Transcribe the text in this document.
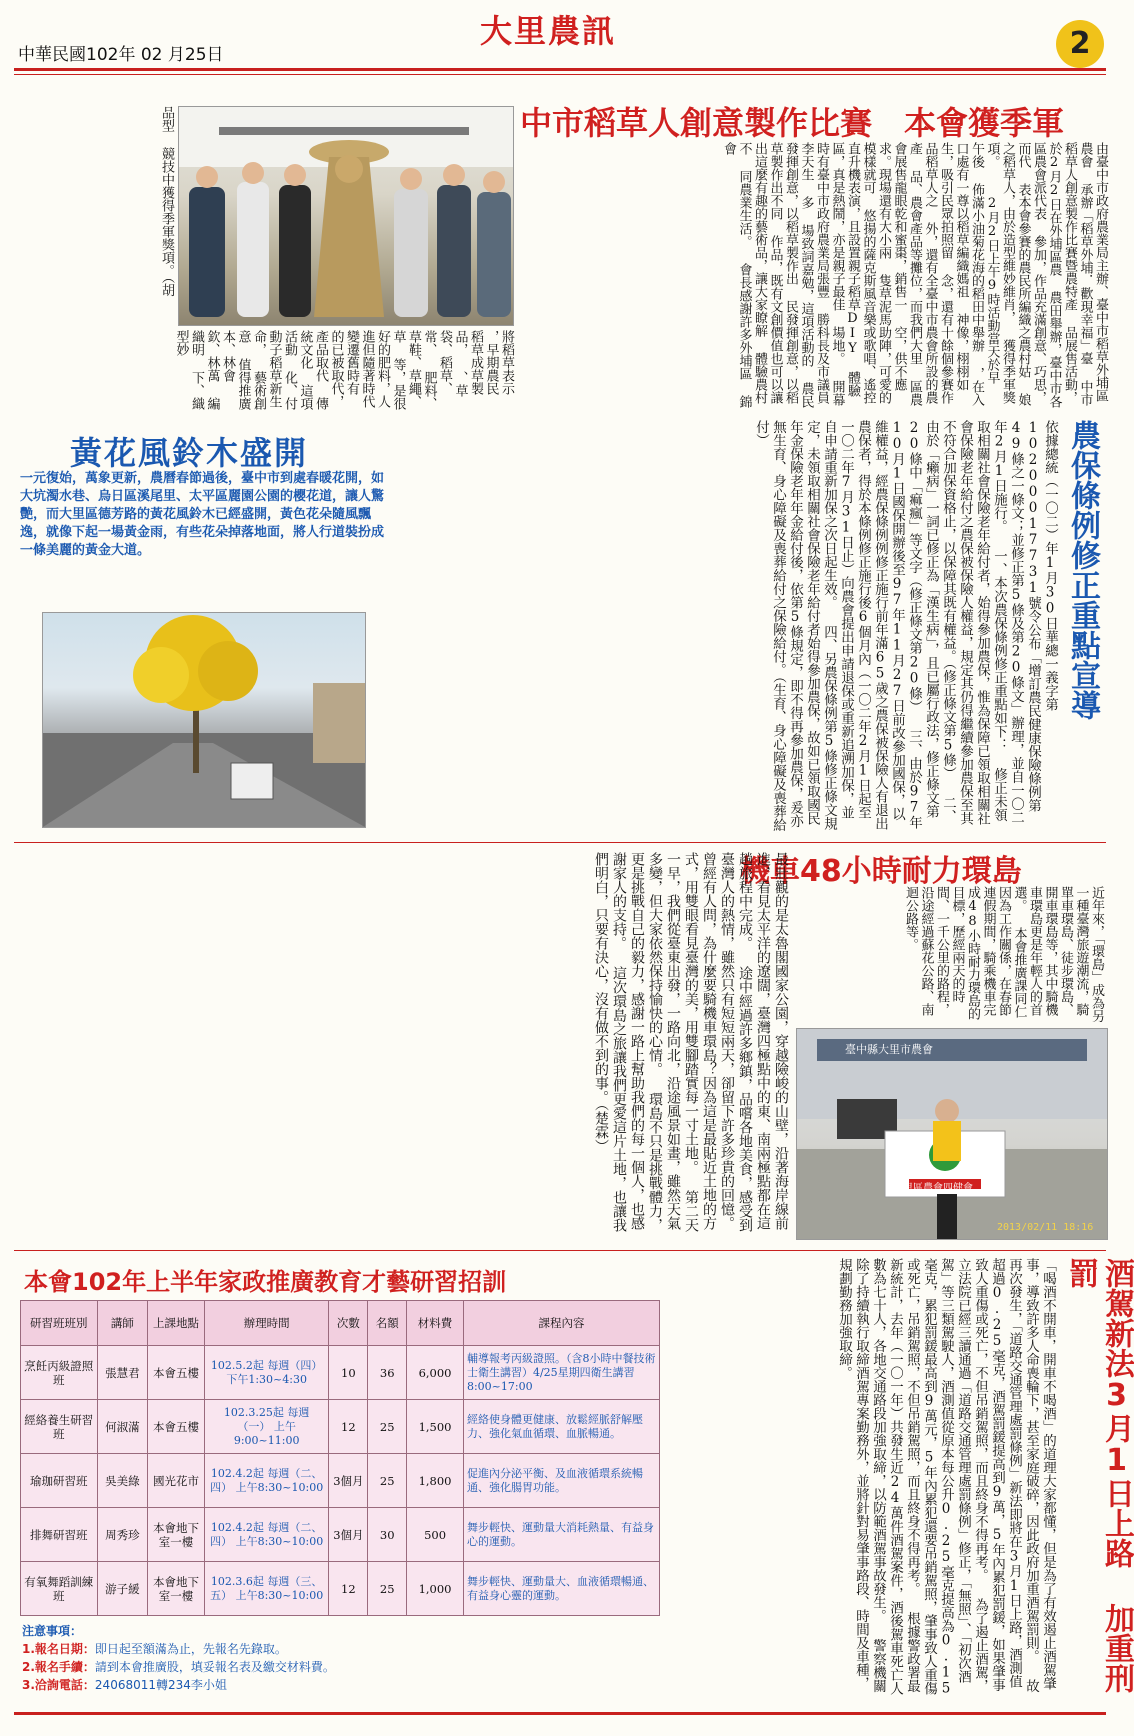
中華民國102年 02 月25日
大里農訊	2
中市稻草人創意製作比賽　本會獲季軍
由臺中市政府農業局主辦、臺中市稻草外埔區農會 承辦「稻草外埔．歡現幸福」臺 中市稻草人創意製作比賽暨農特產 品展售活動，於2月2日在外埔區農 農田舉辦，臺中市各區農會派代表 參加，作品充滿創意、巧思，而代 表本會參賽的農民所編織之農村姑 娘之稻草人，由於造型維妙維肖， 獲得季軍獎項。 　2月2日上午9時活動當天於早 午後 佈滿小油菊花海的稻田中舉辦 ，在入口處有一尊以稻草編織媽祖 神像，栩栩如生，吸引民眾拍照留 念，還有十餘個參賽作品稻草人之 外，還有全臺中市農會所設的農產 品、農會產品等攤位，而我們大里 區農會展售龍眼乾和蜜棗，銷售一 空，供不應求。現場還有大小兩 隻草泥馬助陣，可愛的模樣就可 悠揚的薩克斯風音樂或歌唱、遙控 直升機表演，且設置親子稻草DIY 體驗區，真是熱鬧，亦是親子最佳 場地。 開幕時有臺中市政府農業局張豐 勝科長及市議員李天生 多 場致詞嘉勉，這項活動的 農民發揮創意，以稻草製作出 民發揮創意，以稻草製作出不同 作品，既有文創價值也可以讓 出這麼有趣的藝術品，讓大家瞭解 體驗農村不 同農業生活。 會長感謝許多外埔區 錦會
將稻草表示 ，早期農民 稻草成草製品， 、草袋、稻草、常、 肥料、草鞋、草繩、草 等，是很好的肥料，人 進但隨著時代變遷舊時有 的已被取代， 產品取代 傳統文化 這項活動 化、付 動子稻草新生命， 藝術創意 值得推廣 本、林會 欽、林萬 編織明 下、織 型妙
品型 競技中獲得季軍獎項。（胡
黃花風鈴木盛開
一元復始，萬象更新，農曆春節過後，臺中市到處春暖花開，如大坑濁水巷、烏日區溪尾里、太平區麗園公園的櫻花道，讓人驚艷，而大里區德芳路的黃花風鈴木已經盛開，黃色花朵隨風飄逸，就像下起一場黃金雨，有些花朵掉落地面，將人行道裝扮成一條美麗的黃金大道。	農保條例修正重點宣導
依據總統（一〇二）年1月30日華總一義字第10200017731號令公布「增訂農民健康保險條例第49條之一條文；並修正第5條及第20條文」辦理，並自一〇二年2月1日施行。 一、本次農保條例修正重點如下： 修正未領取相關社會保險老年給付者，始得參加農保，惟為保障已領取相關社會保險老年給付之農保被保險人權益，規定其仍得繼續參加農保至其不符合加保資格止，以保障其既有權益。（修正條文第5條） 二、由於「癩病」一詞已修正為「漢生病」，且已屬行政法，修正條文第20條中「痲瘋」等文字（修正條文第20條） 三、由於97年10月1日國保開辦後至97年11月27日前改參加國保，以維權益，經農保條例例修正施行前年滿65歲之農保被保險人有退出農保者，得於本條例修正施行後6個月內（一〇二年2月1日起至一〇二年7月31日止）向農會提出申請退保或重新追溯加保，並自申請重新加保之次日起生效。 四、另農保條例第5條修正條文規定，未領取相關社會保險老年給付者始得參加農保，故如已領取國民年金保險老年年金給付後，依第5條規定，即不得再參加農保，爰亦無生育、身心障礙及喪葬給付之保險給付。（生育、身心障礙及喪葬給付）
機車48小時耐力環島
近年來，「環島」成為另一種臺灣旅遊潮流，騎單車環島、徒步環島、開車環島等，其中騎機車環島更是年輕人的首選。 本會推廣課同仁因為工作關係，在春節連假期間，騎乘機車完成48小時耐力環島的目標，歷經兩天的時間、一千公里的路程，沿途經過蘇花公路、南迴公路等。
臺中縣大里市農會
大里區農會四健會
2013/02/11 18:16
最壯觀的是太魯閣國家公園，穿越險峻的山壁，沿著海岸線前進，看見太平洋的遼闊，臺灣四極點中的東、南兩極點都在這趟旅程中完成。 途中經過許多鄉鎮，品嚐各地美食，感受到臺灣人的熱情，雖然只有短短兩天，卻留下許多珍貴的回憶。 曾經有人問，為什麼要騎機車環島？因為這是最貼近土地的方式，用雙眼看見臺灣的美，用雙腳踏實每一寸土地。 第二天一早，我們從臺東出發，一路向北，沿途風景如畫，雖然天氣多變，但大家依然保持愉快的心情。 環島不只是挑戰體力，更是挑戰自己的毅力，感謝一路上幫助我們的每一個人，也感謝家人的支持。 這次環島之旅讓我們更愛這片土地，也讓我們明白，只要有決心，沒有做不到的事。（楚霖）
本會102年上半年家政推廣教育才藝研習招訓
研習班班別	講師	上課地點	辦理時間	次數	名額	材料費	課程內容
烹飪丙級證照班	張慧君	本會五樓	102.5.2起 每週（四） 下午1:30~4:30	10	36	6,000	輔導報考丙級證照。（含8小時中餐技術士衛生講習）4/25星期四衛生講習 8:00~17:00
經絡養生研習班	何淑滿	本會五樓	102.3.25起 每週（一） 上午9:00~11:00	12	25	1,500	經絡使身體更健康、放鬆經脈舒解壓力、強化氣血循環、血脈暢通。
瑜珈研習班	吳美綠	國光花市	102.4.2起 每週（二、四） 上午8:30~10:00	3個月	25	1,800	促進內分泌平衡、及血液循環系統暢通、強化腸胃功能。
排舞研習班	周秀珍	本會地下室一樓	102.4.2起 每週（二、四） 上午8:30~10:00	3個月	30	500	舞步輕快、運動量大消耗熱量、有益身心的運動。
有氧舞蹈訓練班	游子緩	本會地下室一樓	102.3.6起 每週（三、五） 上午8:30~10:00	12	25	1,000	舞步輕快、運動量大、血液循環暢通、有益身心靈的運動。
注意事項：
1.報名日期：即日起至額滿為止，先報名先錄取。
2.報名手續：請到本會推廣股，填妥報名表及繳交材料費。
3.洽詢電話：24068011轉234李小姐	酒駕新法3月1日上路 加重刑罰
「喝酒不開車，開車不喝酒」的道理大家都懂，但是為了有效遏止酒駕肇事，導致許多人命喪輪下，甚至家庭破碎，因此政府加重酒駕罰則。 故再次發生，「道路交通管理處罰條例」新法即將在3月1日上路，酒測值超過0.25毫克，酒駕罰鍰提高到9萬，5年內累犯罰鍰，如果肇事致人重傷或死亡，不但吊銷駕照，而且終身不得再考。 為了遏止酒駕，立法院已經三讀通過「道路交通管理處罰條例」修正，「無照」、「初次酒駕」等三類駕駛人，酒測值從原本每公升0.25毫克提高為0.15毫克，累犯罰鍰最高到9萬元，5年內累犯還要吊銷駕照，肇事致人重傷或死亡，吊銷駕照，不但吊銷駕照，而且終身不得再考。 根據警政署最新統計，去年（一〇一年）共發生近24萬件酒駕案件，酒後駕車死亡人數為七十人，各地交通路段加強取締，以防範酒駕事故發生。 警察機關除了持續執行取締酒駕專案勤務外，並將針對易肇事路段、時間及車種，規劃勤務加強取締。
